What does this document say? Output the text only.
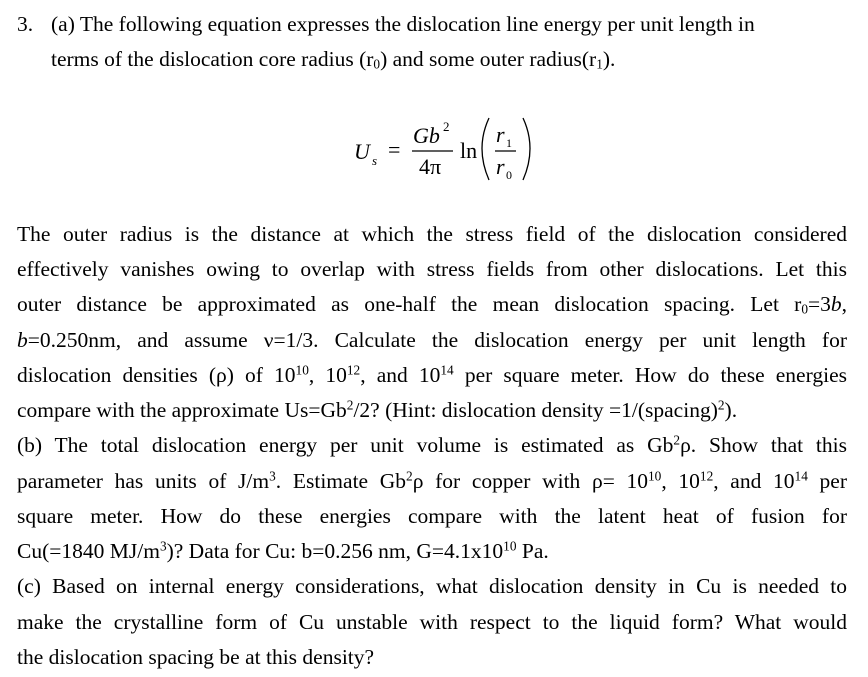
3. (a) The following equation expresses the dislocation line energy per unit length in
terms of the dislocation core radius $(r_0)$ and some outer $radius(r_1)$.
U s =
Gb 2
4π
ln
r 1
r 0
The outer radius is the distance at which the stress field of the dislocation considered
effectively vanishes owing to overlap with stress fields from other dislocations. Let this
outer distance be approximated as one-half the mean dislocation spacing. Let $r_0=3b$,
b=0.250nm, and assume ν=1/3. Calculate the dislocation energy per unit length for
dislocation densities (ρ) of $10^{10}$, $10^{12}$, and $10^{14}$ per square meter. How do these energies
compare with the approximate $Us=Gb^2/2$? (Hint: dislocation density =1/(spacing)$^2$).
(b) The total dislocation energy per unit volume is estimated as Gb$^2$ρ. Show that this
parameter has units of $J/m^3$. Estimate Gb$^2$ρ for copper with $\rho= 10^{10}$, $10^{12}$, and $10^{14}$ per
square meter. How do these energies compare with the latent heat of fusion for
Cu(=1840 $MJ/m^3$)? Data for Cu: b=0.256 nm, $G=4.1x10^{10}$ Pa.
(c) Based on internal energy considerations, what dislocation density in Cu is needed to
make the crystalline form of Cu unstable with respect to the liquid form? What would
the dislocation spacing be at this density?
